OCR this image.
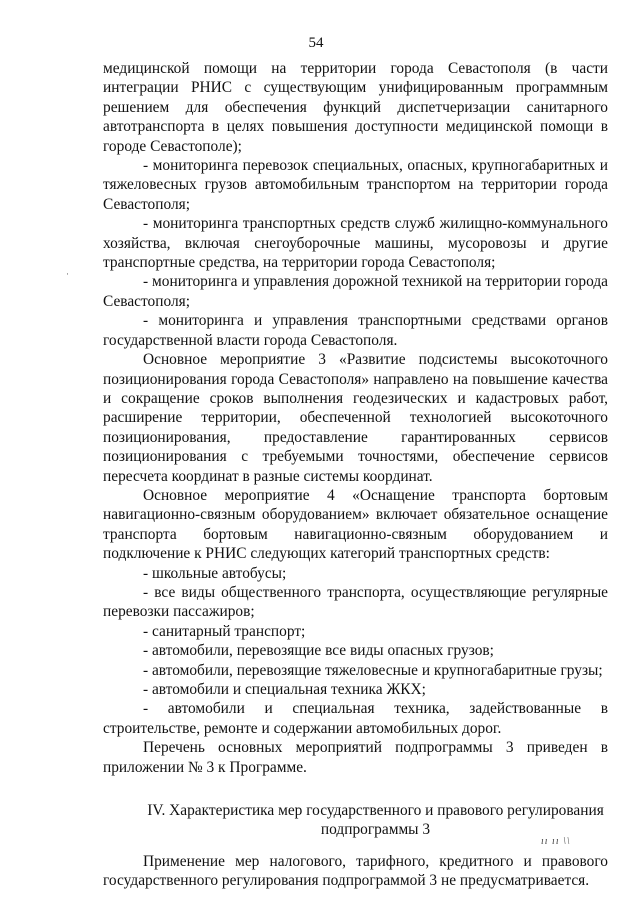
54
·

медицинской помощи на территории города Севастополя (в части интеграции РНИС с существующим унифицированным программным решением для обеспечения функций диспетчеризации санитарного автотранспорта в целях повышения доступности медицинской помощи в городе Севастополе);

- мониторинга перевозок специальных, опасных, крупногабаритных и тяжеловесных грузов автомобильным транспортом на территории города Севастополя;

- мониторинга транспортных средств служб жилищно-коммунального хозяйства, включая снегоуборочные машины, мусоровозы и другие транспортные средства, на территории города Севастополя;

- мониторинга и управления дорожной техникой на территории города Севастополя;

- мониторинга и управления транспортными средствами органов государственной власти города Севастополя.

Основное мероприятие 3 «Развитие подсистемы высокоточного позиционирования города Севастополя» направлено на повышение качества и сокращение сроков выполнения геодезических и кадастровых работ, расширение территории, обеспеченной технологией высокоточного позиционирования, предоставление гарантированных сервисов позиционирования с требуемыми точностями, обеспечение сервисов пересчета координат в разные системы координат.

Основное мероприятие 4 «Оснащение транспорта бортовым навигационно-связным оборудованием» включает обязательное оснащение транспорта бортовым навигационно-связным оборудованием и подключение к РНИС следующих категорий транспортных средств:

- школьные автобусы;

- все виды общественного транспорта, осуществляющие регулярные перевозки пассажиров;

- санитарный транспорт;

- автомобили, перевозящие все виды опасных грузов;

- автомобили, перевозящие тяжеловесные и крупногабаритные грузы;

- автомобили и специальная техника ЖКХ;

- автомобили и специальная техника, задействованные в строительстве, ремонте и содержании автомобильных дорог.

Перечень основных мероприятий подпрограммы 3 приведен в приложении № 3 к Программе.

IV. Характеристика мер государственного и правового регулирования
подпрограммы 3

Применение мер налогового, тарифного, кредитного и правового государственного регулирования подпрограммой 3 не предусматривается.

ıı ıı \\
